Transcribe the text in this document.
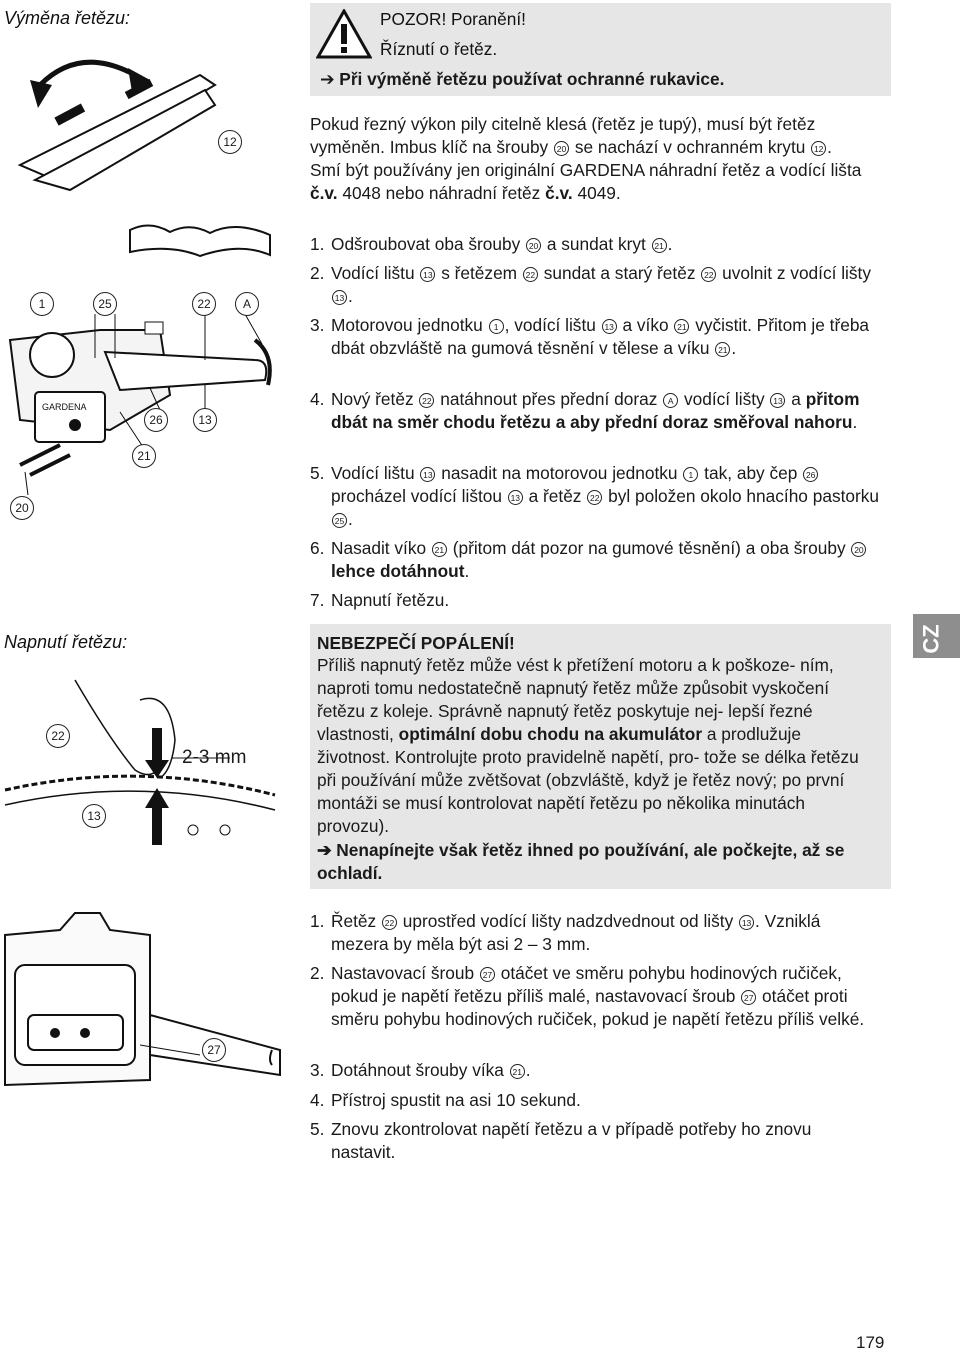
Výměna řetězu:
Napnutí řetězu:
12
GARDENA
1	25	22	A
26	13
21
20
2-3 mm
22
13
27
POZOR! Poranění!
Říznutí o řetěz.
➔ Při výměně řetězu používat ochranné rukavice.
Pokud řezný výkon pily citelně klesá (řetěz je tupý), musí být řetěz vyměněn. Imbus klíč na šrouby 20 se nachází v ochranném krytu 12 .
Smí být používány jen originální GARDENA náhradní řetěz a vodící lišta č.v. 4048 nebo náhradní řetěz č.v. 4049.
1. Odšroubovat oba šrouby 20 a sundat kryt 21 .
2. Vodící lištu 13 s řetězem 22 sundat a starý řetěz 22 uvolnit z vodící lišty 13 .
3. Motorovou jednotku 1 , vodící lištu 13 a víko 21 vyčistit. Přitom je třeba dbát obzvláště na gumová těsnění v tělese a víku 21 .
4. Nový řetěz 22 natáhnout přes přední doraz A vodící lišty 13 a přitom dbát na směr chodu řetězu a aby přední doraz směřoval nahoru.
5. Vodící lištu 13 nasadit na motorovou jednotku 1 tak, aby čep 26 procházel vodící lištou 13 a řetěz 22 byl položen okolo hnacího pastorku 25 .
6. Nasadit víko 21 (přitom dát pozor na gumové těsnění) a oba šrouby 20 lehce dotáhnout.
7. Napnutí řetězu.
NEBEZPEČÍ POPÁLENÍ!
Příliš napnutý řetěz může vést k přetížení motoru a k poškoze- ním, naproti tomu nedostatečně napnutý řetěz může způsobit vyskočení řetězu z koleje. Správně napnutý řetěz poskytuje nej- lepší řezné vlastnosti, optimální dobu chodu na akumulátor a prodlužuje životnost. Kontrolujte proto pravidelně napětí, pro- tože se délka řetězu při používání může zvětšovat (obzvláště, když je řetěz nový; po první montáži se musí kontrolovat napětí řetězu po několika minutách provozu).
➔ Nenapínejte však řetěz ihned po používání, ale počkejte, až se ochladí.
1. Řetěz 22 uprostřed vodící lišty nadzdvednout od lišty 13 . Vzniklá mezera by měla být asi 2 – 3 mm.
2. Nastavovací šroub 27 otáčet ve směru pohybu hodinových ručiček, pokud je napětí řetězu příliš malé, nastavovací šroub 27 otáčet proti směru pohybu hodinových ručiček, pokud je napětí řetězu příliš velké.
3. Dotáhnout šrouby víka 21 .
4. Přístroj spustit na asi 10 sekund.
5. Znovu zkontrolovat napětí řetězu a v případě potřeby ho znovu nastavit.
CZ
179
